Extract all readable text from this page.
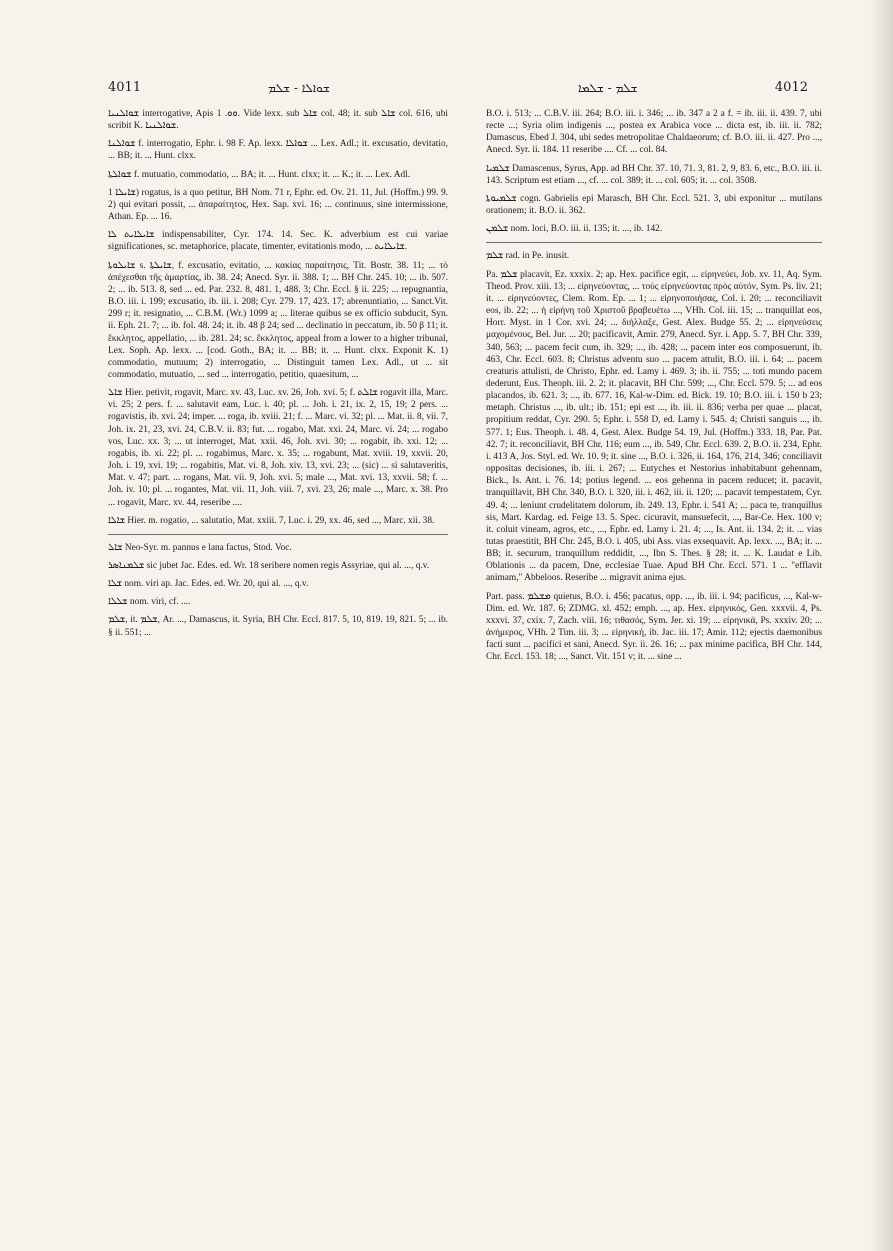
4011	ܫܘܐܠܐ - ܫܠܡ	ܫܠܡ - ܫܠܡܐ	4012

ܫܘܐܠܢܝܐ interrogative, Apis ܘܘ. 1. Vide lexx. sub ܫܐܠ col. 48; it. sub ܫܐܠ col. 616, ubi scribit K. ܫܘܐܠܢܝܐ.

ܫܘܐܠܢܐ f. interrogatio, Ephr. i. 98 F. Ap. lexx. ܫܘܐܠܐ ... Lex. Adl.; it. excusatio, devitatio, ... BB; it. ... Hunt. clxx.

ܫܘܐܠܬܐ f. mutuatio, commodatio, ... BA; it. ... Hunt. clxx; it. ... K.; it. ... Lex. Adl.

ܫܐܝܠܐ 1) rogatus, is a quo petitur, BH Nom. 71 r, Ephr. ed. Ov. 21. 11, Jul. (Hoffm.) 99. 9. 2) qui evitari possit, ... ἀπαραίτητος, Hex. Sap. xvi. 16; ... continuus, sine intermissione, Athan. Ep. ... 16.

ܫܐܝܠܐܝܬ ܠܐ indispensabiliter, Cyr. 174. 14. Sec. K. adverbium est cui variae significationes, sc. metaphorice, placate, timenter, evitationis modo, ... ܫܐܝܠܐܝܬ.

ܫܐܝܠܘܬܐ s. ܫܐܝܠܬܐ, f. excusatio, evitatio, ... κακίας παραίτησις, Tit. Bostr. 38. 11; ... τὸ ἀπέχεσθαι τῆς ἁμαρτίας, ib. 38. 24; Anecd. Syr. ii. 388. 1; ... BH Chr. 245. 10; ... ib. 507. 2; ... ib. 513. 8, sed ... ed. Par. 232. 8, 481. 1, 488. 3; Chr. Eccl. § ii. 225; ... repugnantia, B.O. iii. i. 199; excusatio, ib. iii. i. 208; Cyr. 279. 17, 423. 17; abrenuntiatio, ... Sanct.Vit. 299 r; it. resignatio, ... C.B.M. (Wr.) 1099 a; ... literae quibus se ex officio subducit, Syn. ii. Eph. 21. 7; ... ib. fol. 48. 24; it. ib. 48 β 24; sed ... declinatio in peccatum, ib. 50 β 11; it. ἔκκλητος, appellatio, ... ib. 281. 24; sc. ἔκκλητος, appeal from a lower to a higher tribunal, Lex. Soph. Ap. lexx. ... [cod. Goth., BA; it. ... BB; it. ... Hunt. clxx. Exponit K. 1) commodatio, mutuum; 2) interrogatio, ... Distinguit tamen Lex. Adl., ut ... sit commodatio, mutuatio, ... sed ... interrogatio, petitio, quaesitum, ...

ܫܐܠ Hier. petivit, rogavit, Marc. xv. 43, Luc. xv. 26, Joh. xvi. 5; f. ܫܐܠܬ rogavit illa, Marc. vi. 25; 2 pers. f. ... salutavit eam, Luc. i. 40; pl. ... Joh. i. 21, ix. 2, 15, 19; 2 pers. ... rogavistis, ib. xvi. 24; imper. ... roga, ib. xviii. 21; f. ... Marc. vi. 32; pl. ... Mat. ii. 8, vii. 7, Joh. ix. 21, 23, xvi. 24, C.B.V. ii. 83; fut. ... rogabo, Mat. xxi. 24, Marc. vi. 24; ... rogabo vos, Luc. xx. 3; ... ut interroget, Mat. xxii. 46, Joh. xvi. 30; ... rogabit, ib. xxi. 12; ... rogabis, ib. xi. 22; pl. ... rogabimus, Marc. x. 35; ... rogabunt, Mat. xviii. 19, xxvii. 20, Joh. i. 19, xvi. 19; ... rogabitis, Mat. vi. 8, Joh. xiv. 13, xvi. 23; ... (sic) ... si salutaveritis, Mat. v. 47; part. ... rogans, Mat. vii. 9, Joh. xvi. 5; male ..., Mat. xvi. 13, xxvii. 58; f. ... Joh. iv. 10; pl. ... rogantes, Mat. vii. 11, Joh. viii. 7, xvi. 23, 26; male ..., Marc. x. 38. Pro ... rogavit, Marc. xv. 44, reseribe ....

ܫܐܠܐ Hier. m. rogatio, ... salutatio, Mat. xxiii. 7, Luc. i. 29, xx. 46, sed ..., Marc. xii. 38.

ܫܐܠ Neo-Syr. m. pannus e lana factus, Stod. Voc.

ܫܠܡܢܐܣܪ sic jubet Jac. Edes. ed. Wr. 18 seribere nomen regis Assyriae, qui al. ..., q.v.

ܫܠܐ nom. viri ap. Jac. Edes. ed. Wr. 20, qui al. ..., q.v.

ܫܠܠܐ nom. viri, cf. ....

ܫܠܡ, it. ܫܠܡ, Ar. ..., Damascus, it. Syria, BH Chr. Eccl. 817. 5, 10, 819. 19, 821. 5; ... ib. § ii. 551; ...

B.O. i. 513; ... C.B.V. iii. 264; B.O. iii. i. 346; ... ib. 347 a 2 a f. = ib. iii. ii. 439. 7, ubi recte ...; Syria olim indigenis ..., postea ex Arabica voce ... dicta est, ib. iii. ii. 782; Damascus, Ebed J. 304, ubi sedes metropolitae Chaldaeorum; cf. B.O. iii. ii. 427. Pro ..., Anecd. Syr. ii. 184. 11 reseribe .... Cf. ... col. 84.

ܫܠܡܝܐ Damascenus, Syrus, App. ad BH Chr. 37. 10, 71. 3, 81. 2, 9, 83. 6, etc., B.O. iii. ii. 143. Scriptum est etiam ..., cf. ... col. 389; it. ... col. 605; it. ... col. 3508.

ܫܠܡܝܘܬܐ cogn. Gabrielis epi Marasch, BH Chr. Eccl. 521. 3, ubi exponitur ... mutilans orationem; it. B.O. ii. 362.

ܫܠܡܢ nom. loci, B.O. iii. ii. 135; it. ..., ib. 142.

ܫܠܡ rad. in Pe. inusit.

Pa. ܫܠܡ placavit, Ez. xxxix. 2; ap. Hex. pacifice egit, ... εἰρηνεύει, Job. xv. 11, Aq. Sym. Theod. Prov. xiii. 13; ... εἰρηνεύοντας, ... τοὺς εἰρηνεύοντας πρὸς αὐτόν, Sym. Ps. liv. 21; it. ... εἰρηνεύοντες, Clem. Rom. Ep. ... 1; ... εἰρηνοποιήσας, Col. i. 20; ... reconciliavit eos, ib. 22; ... ἡ εἰρήνη τοῦ Χριστοῦ βραβευέτω ..., VHh. Col. iii. 15; ... tranquillat eos, Horr. Myst. in 1 Cor. xvi. 24; ... διήλλαξε, Gest. Alex. Budge 55. 2; ... εἰρηνεύσεις μαχομένους, Bel. Jur. ... 20; pacificavit, Amir. 279, Anecd. Syr. i. App. 5. 7, BH Chr. 339, 340, 563; ... pacem fecit cum, ib. 329; ..., ib. 428; ... pacem inter eos composuerunt, ib. 463, Chr. Eccl. 603. 8; Christus adventu suo ... pacem attulit, B.O. iii. i. 64; ... pacem creaturis attulisti, de Christo, Ephr. ed. Lamy i. 469. 3; ib. ii. 755; ... toti mundo pacem dederunt, Eus. Theoph. iii. 2. 2; it. placavit, BH Chr. 599; ..., Chr. Eccl. 579. 5; ... ad eos placandos, ib. 621. 3; ..., ib. 677. 16, Kal-w-Dim. ed. Bick. 19. 10; B.O. iii. i. 150 b 23; metaph. Christus ..., ib. ult.; ib. 151; epi est ..., ib. iii. ii. 836; verba per quae ... placat, propitium reddat, Cyr. 290. 5; Ephr. i. 558 D, ed. Lamy i. 545. 4; Christi sanguis ..., ib. 577. 1; Eus. Theoph. i. 48. 4, Gest. Alex. Budge 54. 19, Jul. (Hoffm.) 333. 18, Par. Pat. 42. 7; it. reconciliavit, BH Chr. 116; eum ..., ib. 549, Chr. Eccl. 639. 2, B.O. ii. 234, Ephr. i. 413 A, Jos. Styl. ed. Wr. 10. 9; it. sine ..., B.O. i. 326, ii. 164, 176, 214, 346; conciliavit oppositas decisiones, ib. iii. i. 267; ... Eutyches et Nestorius inhabitabunt gehennam, Bick., Is. Ant. i. 76. 14; potius legend. ... eos gehenna in pacem reducet; it. pacavit, tranquillavit, BH Chr. 340, B.O. i. 320, iii. i. 462, iii. ii. 120; ... pacavit tempestatem, Cyr. 49. 4; ... leniunt crudelitatem dolorum, ib. 249. 13, Ephr. i. 541 A; ... paca te, tranquillus sis, Mart. Kardag. ed. Feige 13. 5. Spec. cicuravit, mansuefecit, ..., Bar-Ce. Hex. 100 v; it. coluit vineam, agros, etc., ..., Ephr. ed. Lamy i. 21. 4; ..., Is. Ant. ii. 134. 2; it. ... vias tutas praestitit, BH Chr. 245, B.O. i. 405, ubi Ass. vias exsequavit. Ap. lexx. ..., BA; it. ... BB; it. securum, tranquillum reddidit, ..., Ibn S. Thes. § 28; it. ... K. Laudat e Lib. Oblationis ... da pacem, Dne, ecclesiae Tuae. Apud BH Chr. Eccl. 571. 1 ... "efflavit animam," Abbeloos. Reseribe ... migravit anima ejus.

Part. pass. ܡܫܠܡ quietus, B.O. i. 456; pacatus, opp. ..., ib. iii. i. 94; pacificus, ..., Kal-w-Dim. ed. Wr. 187. 6; ZDMG. xl. 452; emph. ..., ap. Hex. εἰρηνικός, Gen. xxxvii. 4, Ps. xxxvi. 37, cxix. 7, Zach. viii. 16; τιθασός, Sym. Jer. xi. 19; ... εἰρηνικά, Ps. xxxiv. 20; ... ἀνήμερος, VHh. 2 Tim. iii. 3; ... εἰρηνική, ib. Jac. iii. 17; Amir. 112; ejectis daemonibus facti sunt ... pacifici et sani, Anecd. Syr. ii. 26. 16; ... pax minime pacifica, BH Chr. 144, Chr. Eccl. 153. 18; ..., Sanct. Vit. 151 v; it. ... sine ...
